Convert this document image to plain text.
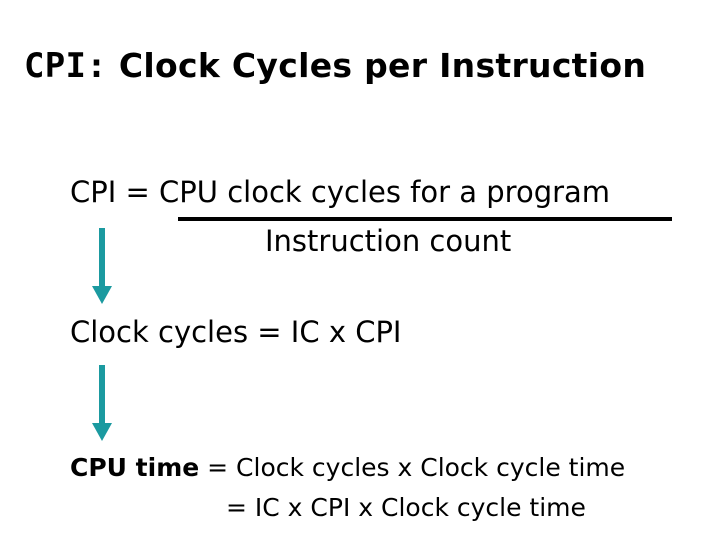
CPI: Clock Cycles per Instruction
CPI = CPU clock cycles for a program
Instruction count
Clock cycles = IC x CPI
CPU time = Clock cycles x Clock cycle time
= IC x CPI x Clock cycle time
